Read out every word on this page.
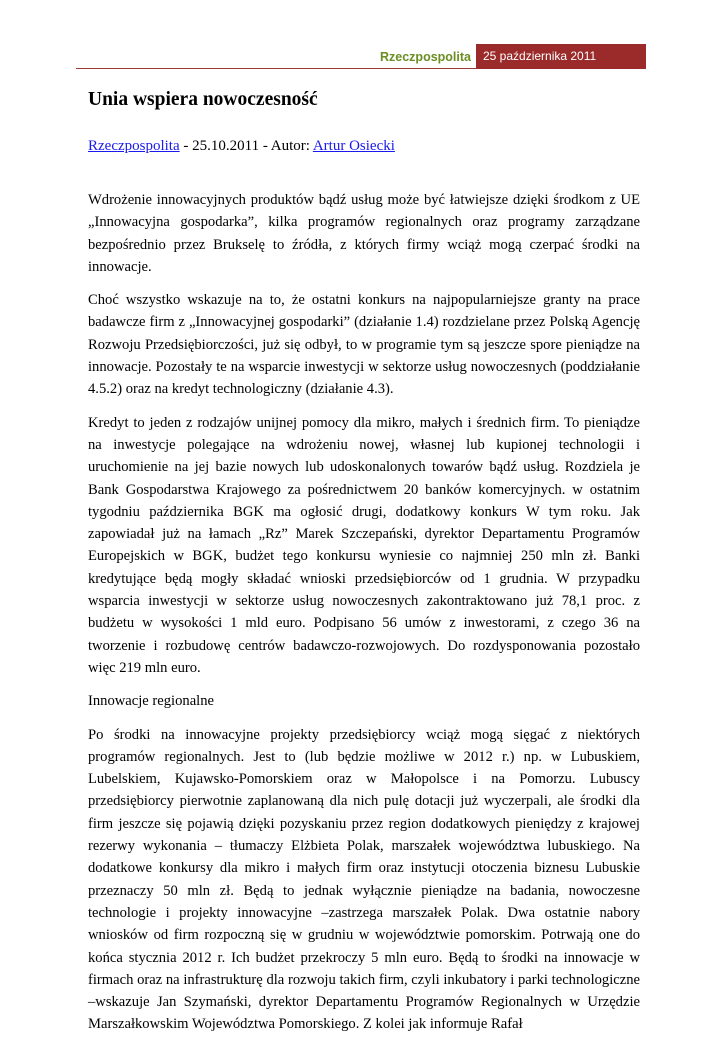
Rzeczpospolita	25 października 2011
Unia wspiera nowoczesność
Rzeczpospolita - 25.10.2011 - Autor: Artur Osiecki

Wdrożenie innowacyjnych produktów bądź usług może być łatwiejsze dzięki środkom z UE „Innowacyjna gospodarka”, kilka programów regionalnych oraz programy zarządzane bezpośrednio przez Brukselę to źródła, z których firmy wciąż mogą czerpać środki na innowacje.

Choć wszystko wskazuje na to, że ostatni konkurs na najpopularniejsze granty na prace badawcze firm z „Innowacyjnej gospodarki” (działanie 1.4) rozdzielane przez Polską Agencję Rozwoju Przedsiębiorczości, już się odbył, to w programie tym są jeszcze spore pieniądze na innowacje. Pozostały te na wsparcie inwestycji w sektorze usług nowoczesnych (poddziałanie 4.5.2) oraz na kredyt technologiczny (działanie 4.3).

Kredyt to jeden z rodzajów unijnej pomocy dla mikro, małych i średnich firm. To pieniądze na inwestycje polegające na wdrożeniu nowej, własnej lub kupionej technologii i uruchomienie na jej bazie nowych lub udoskonalonych towarów bądź usług. Rozdziela je Bank Gospodarstwa Krajowego za pośrednictwem 20 banków komercyjnych. w ostatnim tygodniu października BGK ma ogłosić drugi, dodatkowy konkurs W tym roku. Jak zapowiadał już na łamach „Rz” Marek Szczepański, dyrektor Departamentu Programów Europejskich w BGK, budżet tego konkursu wyniesie co najmniej 250 mln zł. Banki kredytujące będą mogły składać wnioski przedsiębiorców od 1 grudnia. W przypadku wsparcia inwestycji w sektorze usług nowoczesnych zakontraktowano już 78,1 proc. z budżetu w wysokości 1 mld euro. Podpisano 56 umów z inwestorami, z czego 36 na tworzenie i rozbudowę centrów badawczo-rozwojowych. Do rozdysponowania pozostało więc 219 mln euro.

Innowacje regionalne

Po środki na innowacyjne projekty przedsiębiorcy wciąż mogą sięgać z niektórych programów regionalnych. Jest to (lub będzie możliwe w 2012 r.) np. w Lubuskiem, Lubelskiem, Kujawsko-Pomorskiem oraz w Małopolsce i na Pomorzu. Lubuscy przedsiębiorcy pierwotnie zaplanowaną dla nich pulę dotacji już wyczerpali, ale środki dla firm jeszcze się pojawią dzięki pozyskaniu przez region dodatkowych pieniędzy z krajowej rezerwy wykonania – tłumaczy Elżbieta Polak, marszałek województwa lubuskiego. Na dodatkowe konkursy dla mikro i małych firm oraz instytucji otoczenia biznesu Lubuskie przeznaczy 50 mln zł. Będą to jednak wyłącznie pieniądze na badania, nowoczesne technologie i projekty innowacyjne –zastrzega marszałek Polak. Dwa ostatnie nabory wniosków od firm rozpoczną się w grudniu w województwie pomorskim. Potrwają one do końca stycznia 2012 r. Ich budżet przekroczy 5 mln euro. Będą to środki na innowacje w firmach oraz na infrastrukturę dla rozwoju takich firm, czyli inkubatory i parki technologiczne –wskazuje Jan Szymański, dyrektor Departamentu Programów Regionalnych w Urzędzie Marszałkowskim Województwa Pomorskiego. Z kolei jak informuje Rafał
